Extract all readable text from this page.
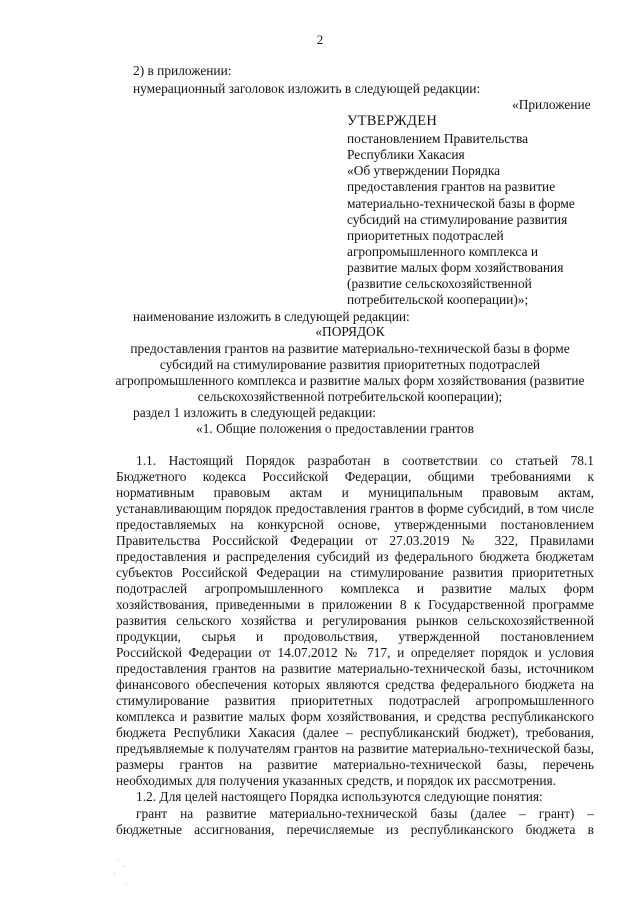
2
2) в приложении:
нумерационный заголовок изложить в следующей редакции:
«Приложение
УТВЕРЖДЕН
постановлением Правительства
Республики Хакасия
«Об утверждении Порядка
предоставления грантов на развитие
материально-технической базы в форме
субсидий на стимулирование развития
приоритетных подотраслей
агропромышленного комплекса и
развитие малых форм хозяйствования
(развитие сельскохозяйственной
потребительской кооперации)»;
наименование изложить в следующей редакции:
«ПОРЯДОК
предоставления грантов на развитие материально-технической базы в форме
субсидий на стимулирование развития приоритетных подотраслей
агропромышленного комплекса и развитие малых форм хозяйствования (развитие
сельскохозяйственной потребительской кооперации);
раздел 1 изложить в следующей редакции:
«1. Общие положения о предоставлении грантов
1.1. Настоящий Порядок разработан в соответствии со статьей 78.1
Бюджетного кодекса Российской Федерации, общими требованиями к
нормативным правовым актам и муниципальным правовым актам,
устанавливающим порядок предоставления грантов в форме субсидий, в том числе
предоставляемых на конкурсной основе, утвержденными постановлением
Правительства Российской Федерации от 27.03.2019 № 322, Правилами
предоставления и распределения субсидий из федерального бюджета бюджетам
субъектов Российской Федерации на стимулирование развития приоритетных
подотраслей агропромышленного комплекса и развитие малых форм
хозяйствования, приведенными в приложении 8 к Государственной программе
развития сельского хозяйства и регулирования рынков сельскохозяйственной
продукции, сырья и продовольствия, утвержденной постановлением
Российской Федерации от 14.07.2012 № 717, и определяет порядок и условия
предоставления грантов на развитие материально-технической базы, источником
финансового обеспечения которых являются средства федерального бюджета на
стимулирование развития приоритетных подотраслей агропромышленного
комплекса и развитие малых форм хозяйствования, и средства республиканского
бюджета Республики Хакасия (далее – республиканский бюджет), требования,
предъявляемые к получателям грантов на развитие материально-технической базы,
размеры грантов на развитие материально-технической базы, перечень
необходимых для получения указанных средств, и порядок их рассмотрения.
1.2. Для целей настоящего Порядка используются следующие понятия:
грант на развитие материально-технической базы (далее – грант) –
бюджетные ассигнования, перечисляемые из республиканского бюджета в
